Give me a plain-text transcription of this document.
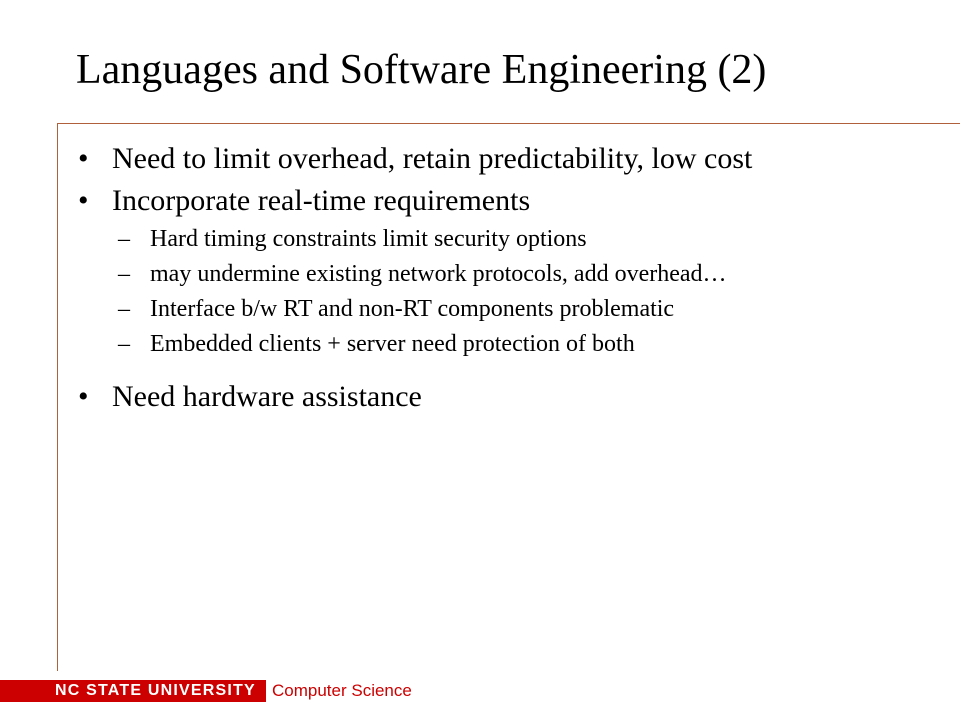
Languages and Software Engineering (2)
• Need to limit overhead, retain predictability, low cost
• Incorporate real-time requirements
– Hard timing constraints limit security options
– may undermine existing network protocols, add overhead…
– Interface b/w RT and non-RT components problematic
– Embedded clients + server need protection of both
• Need hardware assistance
NC STATE UNIVERSITY Computer Science
